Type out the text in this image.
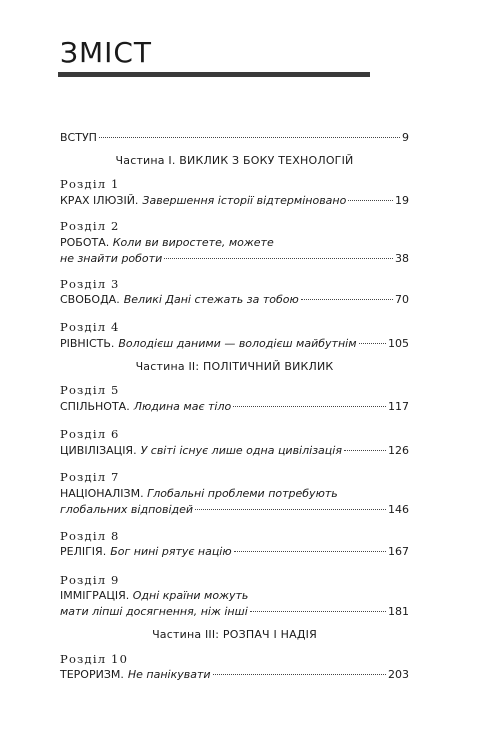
ЗМІСТ
ВСТУП	9
Частина І. ВИКЛИК З БОКУ ТЕХНОЛОГІЙ
Розділ 1
КРАХ ІЛЮЗІЙ. Завершення історії відтерміновано	19
Розділ 2
РОБОТА. Коли ви виростете, можете
не знайти роботи	38
Розділ 3
СВОБОДА. Великі Дані стежать за тобою	70
Розділ 4
РІВНІСТЬ. Володієш даними — володієш майбутнім	105
Частина ІІ: ПОЛІТИЧНИЙ ВИКЛИК
Розділ 5
СПІЛЬНОТА. Людина має тіло	117
Розділ 6
ЦИВІЛІЗАЦІЯ. У світі існує лише одна цивілізація	126
Розділ 7
НАЦІОНАЛІЗМ. Глобальні проблеми потребують
глобальних відповідей	146
Розділ 8
РЕЛІГІЯ. Бог нині рятує націю	167
Розділ 9
ІММІГРАЦІЯ. Одні країни можуть
мати ліпші досягнення, ніж інші	181
Частина ІІІ: РОЗПАЧ І НАДІЯ
Розділ 10
ТЕРОРИЗМ. Не панікувати	203
